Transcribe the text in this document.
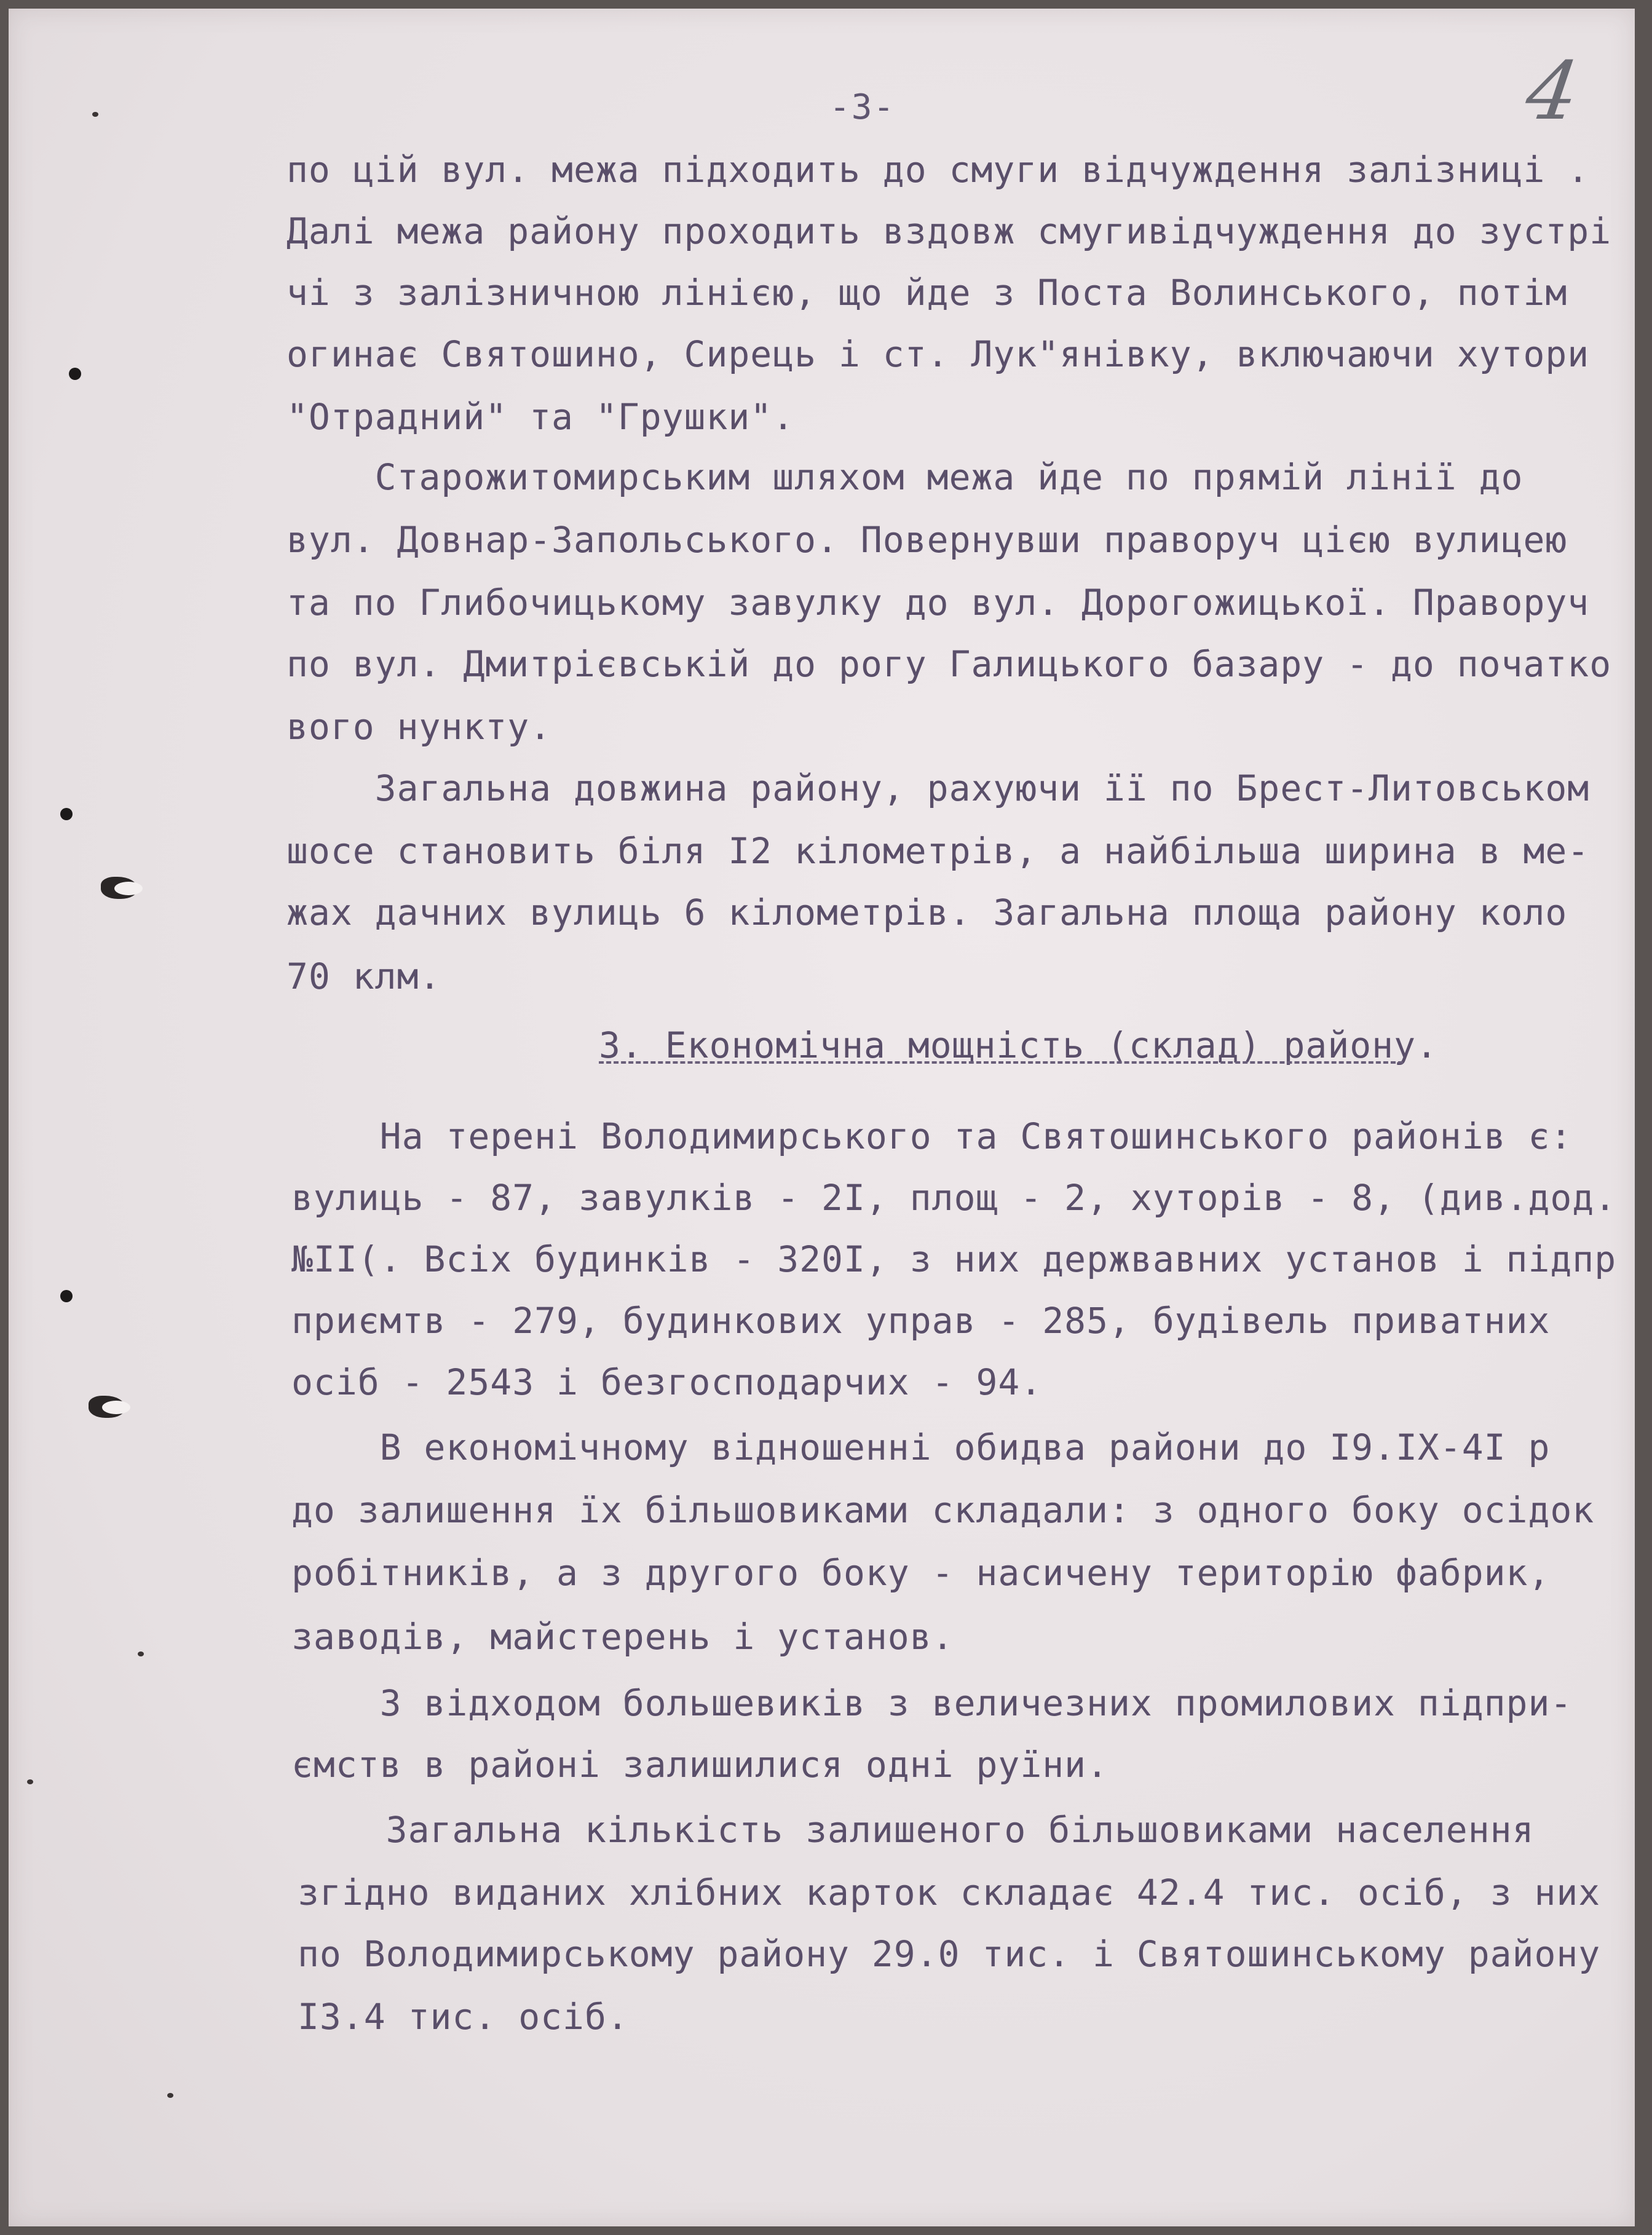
-3-	4
по цій вул. межа підходить до смуги відчуждення залізниці .
Далі межа району проходить вздовж смугивідчуждення до зустрі
чі з залізничною лінією, що йде з Поста Волинського, потім
огинає Святошино, Сирець і ст. Лук"янівку, включаючи хутори
"Отрадний" та "Грушки".
Старожитомирським шляхом межа йде по прямій лінії до
вул. Довнар-Запольського. Повернувши праворуч цією вулицею
та по Глибочицькому завулку до вул. Дорогожицької. Праворуч
по вул. Дмитрієвській до рогу Галицького базару - до початко
вого нункту.
Загальна довжина району, рахуючи її по Брест-Литовськом
шосе становить біля I2 кілометрів, а найбільша ширина в ме-
жах дачних вулиць 6 кілометрів. Загальна площа району коло
70 клм.
3. Економічна мощність (склад) району.
На терені Володимирського та Святошинського районів є:
вулиць - 87, завулків - 2I, площ - 2, хуторів - 8, (див.дод.
№II(. Всіх будинків - 320I, з них держвавних установ і підпр
приємтв - 279, будинкових управ - 285, будівель приватних
осіб - 2543 і безгосподарчих - 94.
В економічному відношенні обидва райони до I9.IX-4I р
до залишення їх більшовиками складали: з одного боку осідок
робітників, а з другого боку - насичену територію фабрик,
заводів, майстерень і установ.
З відходом большевиків з величезних промилових підпри-
ємств в районі залишилися одні руїни.
Загальна кількість залишеного більшовиками населення
згідно виданих хлібних карток складає 42.4 тис. осіб, з них
по Володимирському району 29.0 тис. і Святошинському району
I3.4 тис. осіб.
